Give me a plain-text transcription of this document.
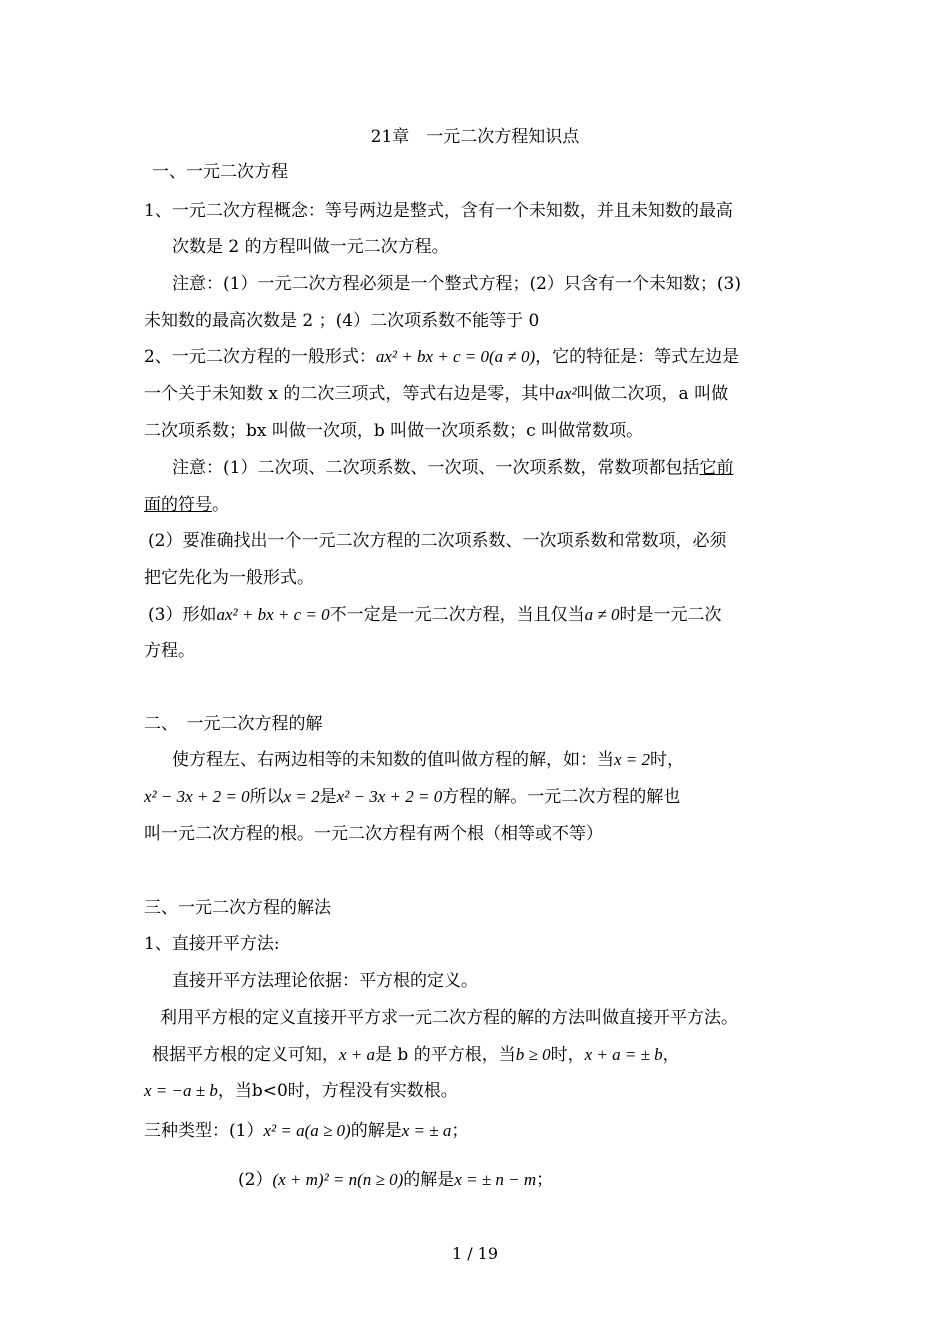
21章　一元二次方程知识点
一、一元二次方程
1、一元二次方程概念：等号两边是整式，含有一个未知数，并且未知数的最高
次数是 2 的方程叫做一元二次方程。
注意：(1）一元二次方程必须是一个整式方程；(2）只含有一个未知数；(3)
未知数的最高次数是 2 ；(4）二次项系数不能等于 0
2、一元二次方程的一般形式：ax² + bx + c = 0(a ≠ 0)，它的特征是：等式左边是
一个关于未知数 x 的二次三项式，等式右边是零，其中ax²叫做二次项，a 叫做
二次项系数；bx 叫做一次项，b 叫做一次项系数；c 叫做常数项。
注意：(1）二次项、二次项系数、一次项、一次项系数，常数项都包括它前
面的符号。
(2）要准确找出一个一元二次方程的二次项系数、一次项系数和常数项，必须
把它先化为一般形式。
(3）形如ax² + bx + c = 0不一定是一元二次方程，当且仅当a ≠ 0时是一元二次
方程。
二、　一元二次方程的解
使方程左、右两边相等的未知数的值叫做方程的解，如：当x = 2时，
x² − 3x + 2 = 0所以x = 2是x² − 3x + 2 = 0方程的解。一元二次方程的解也
叫一元二次方程的根。一元二次方程有两个根（相等或不等）
三、一元二次方程的解法
1、直接开平方法:
直接开平方法理论依据：平方根的定义。
利用平方根的定义直接开平方求一元二次方程的解的方法叫做直接开平方法。
根据平方根的定义可知，x + a是 b 的平方根，当b ≥ 0时，x + a = ± b，
x = −a ± b，当b<0时，方程没有实数根。
三种类型：(1）x² = a(a ≥ 0)的解是x = ± a；
(2）(x + m)² = n(n ≥ 0)的解是x = ± n − m；
1 / 19
